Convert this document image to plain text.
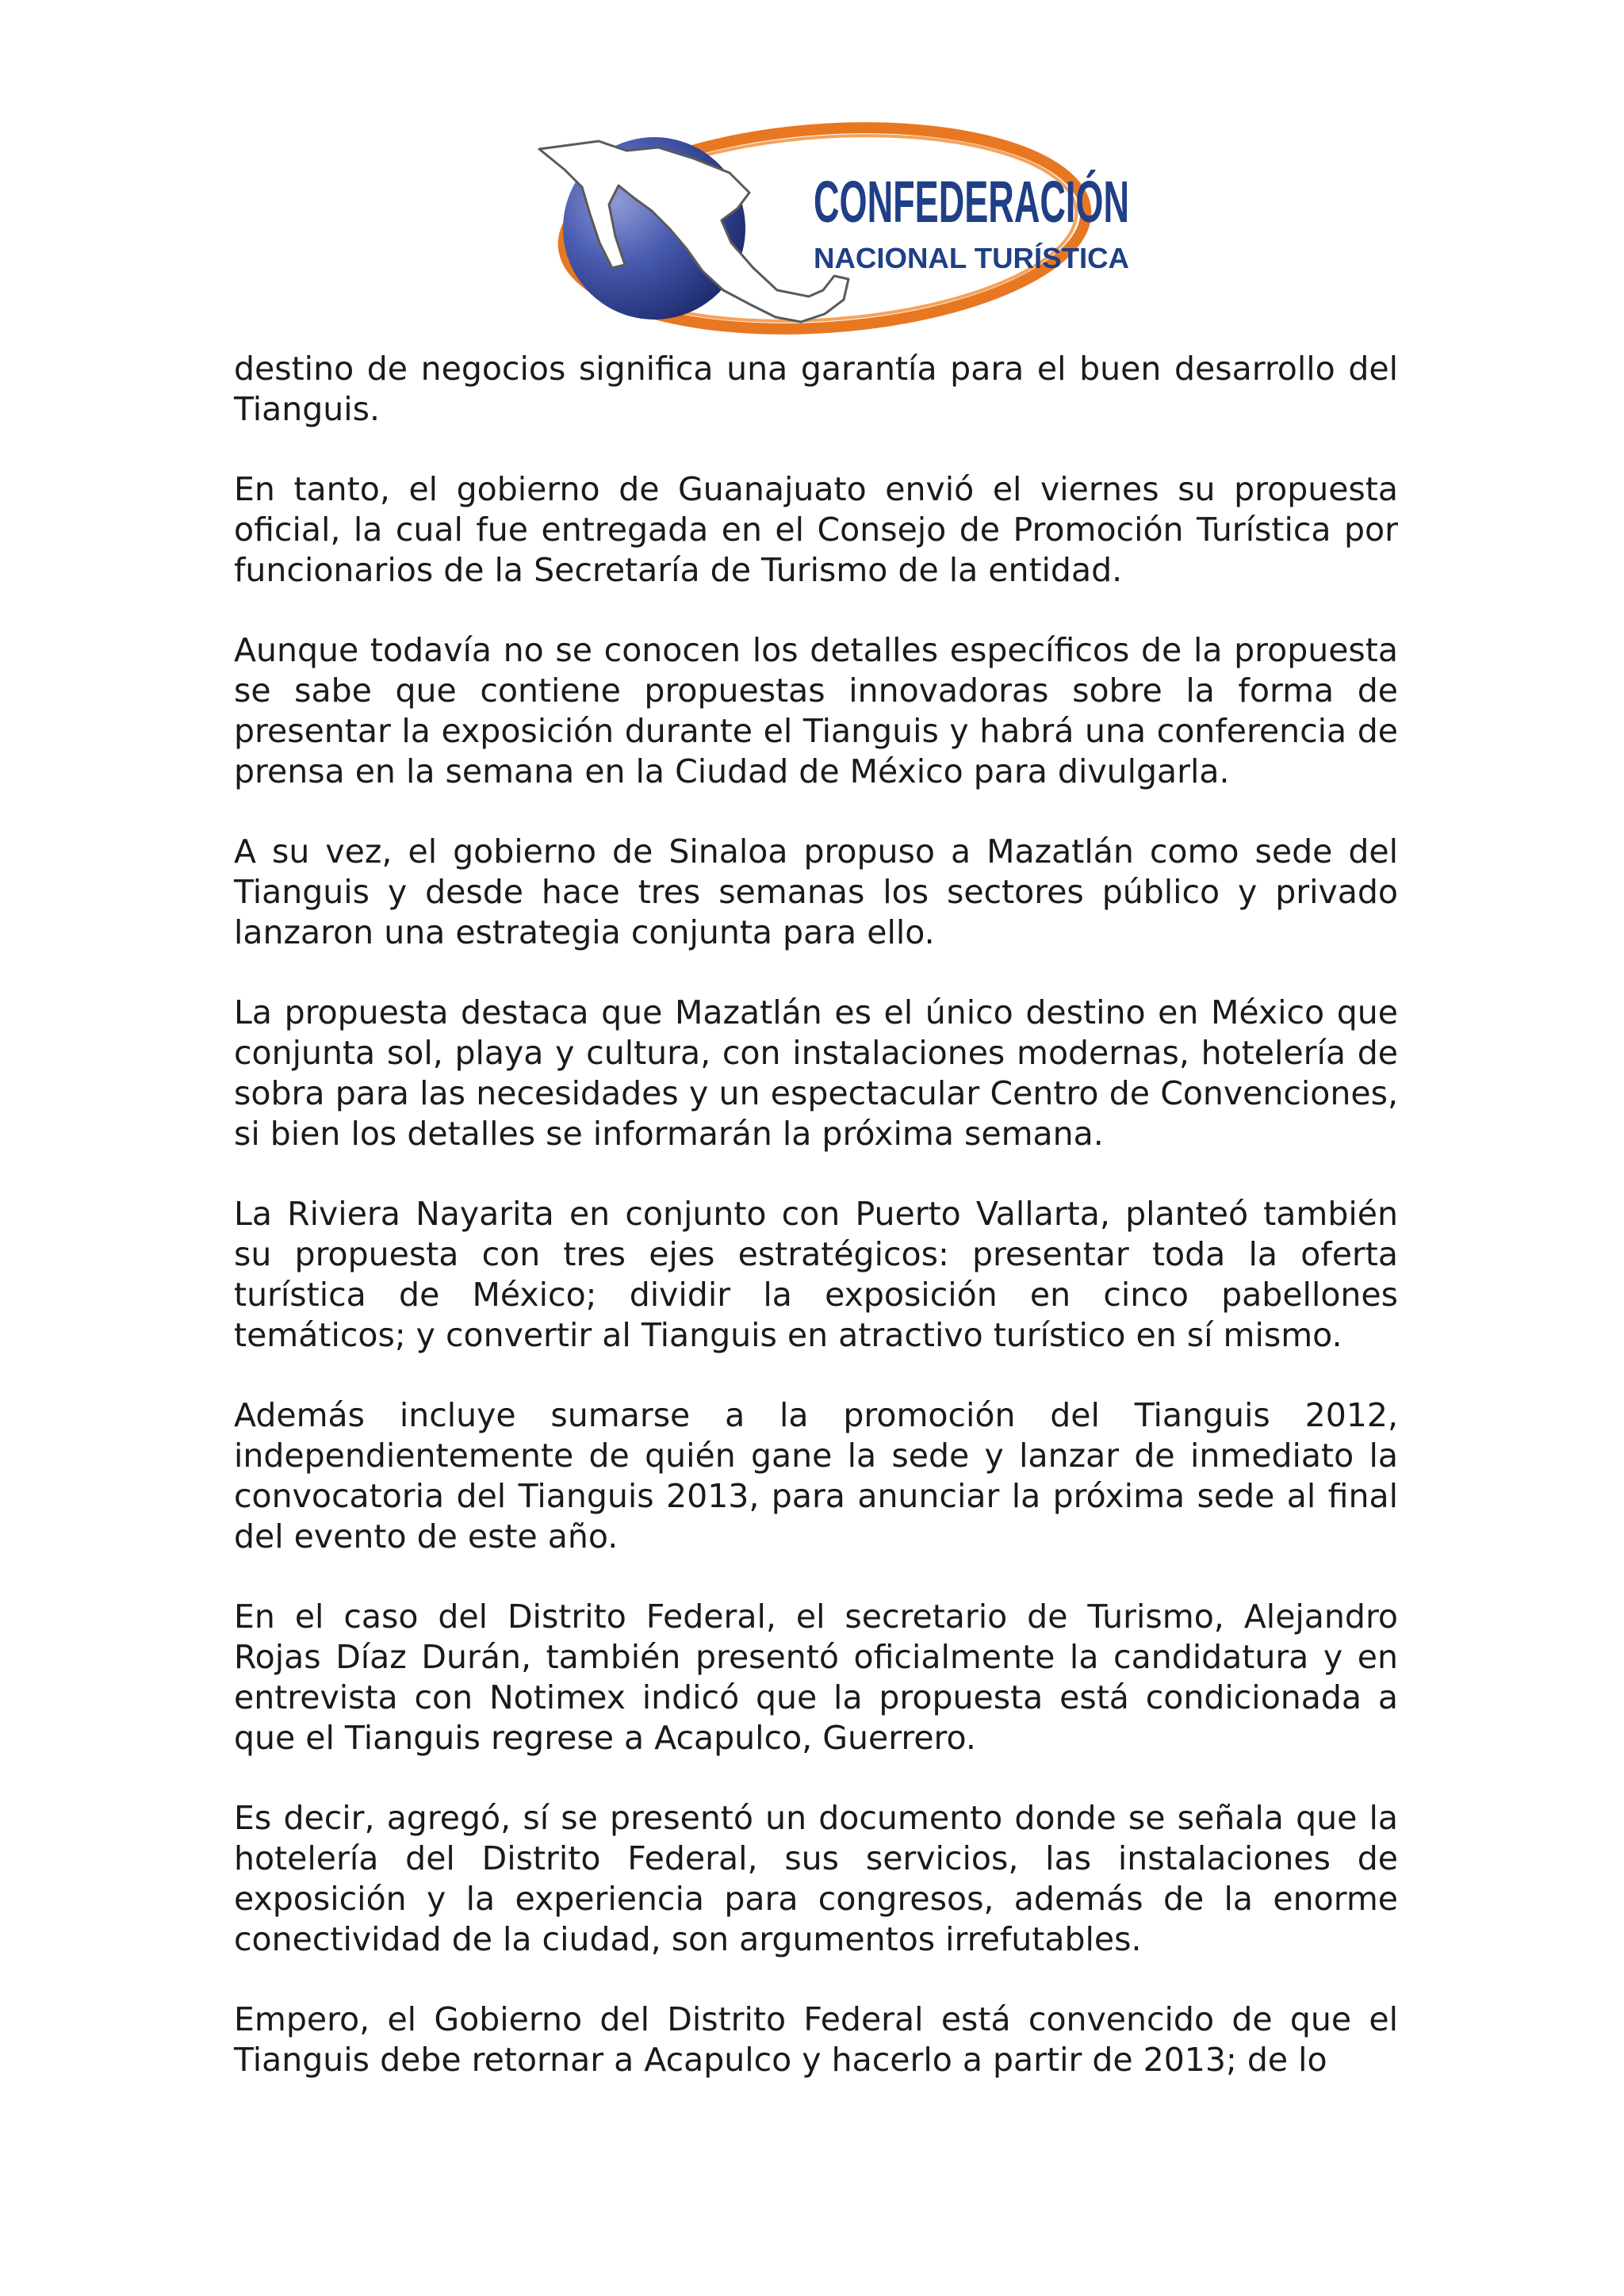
CONFEDERACIÓN
NACIONAL TURÍSTICA

destino de negocios significa una garantía para el buen desarrollo del Tianguis.

En tanto, el gobierno de Guanajuato envió el viernes su propuesta oficial, la cual fue entregada en el Consejo de Promoción Turística por funcionarios de la Secretaría de Turismo de la entidad.

Aunque todavía no se conocen los detalles específicos de la propuesta se sabe que contiene propuestas innovadoras sobre la forma de presentar la exposición durante el Tianguis y habrá una conferencia de prensa en la semana en la Ciudad de México para divulgarla.

A su vez, el gobierno de Sinaloa propuso a Mazatlán como sede del Tianguis y desde hace tres semanas los sectores público y privado lanzaron una estrategia conjunta para ello.

La propuesta destaca que Mazatlán es el único destino en México que conjunta sol, playa y cultura, con instalaciones modernas, hotelería de sobra para las necesidades y un espectacular Centro de Convenciones, si bien los detalles se informarán la próxima semana.

La Riviera Nayarita en conjunto con Puerto Vallarta, planteó también su propuesta con tres ejes estratégicos: presentar toda la oferta turística de México; dividir la exposición en cinco pabellones temáticos; y convertir al Tianguis en atractivo turístico en sí mismo.

Además incluye sumarse a la promoción del Tianguis 2012, independientemente de quién gane la sede y lanzar de inmediato la convocatoria del Tianguis 2013, para anunciar la próxima sede al final del evento de este año.

En el caso del Distrito Federal, el secretario de Turismo, Alejandro Rojas Díaz Durán, también presentó oficialmente la candidatura y en entrevista con Notimex indicó que la propuesta está condicionada a que el Tianguis regrese a Acapulco, Guerrero.

Es decir, agregó, sí se presentó un documento donde se señala que la hotelería del Distrito Federal, sus servicios, las instalaciones de exposición y la experiencia para congresos, además de la enorme conectividad de la ciudad, son argumentos irrefutables.

Empero, el Gobierno del Distrito Federal está convencido de que el Tianguis debe retornar a Acapulco y hacerlo a partir de 2013; de lo
